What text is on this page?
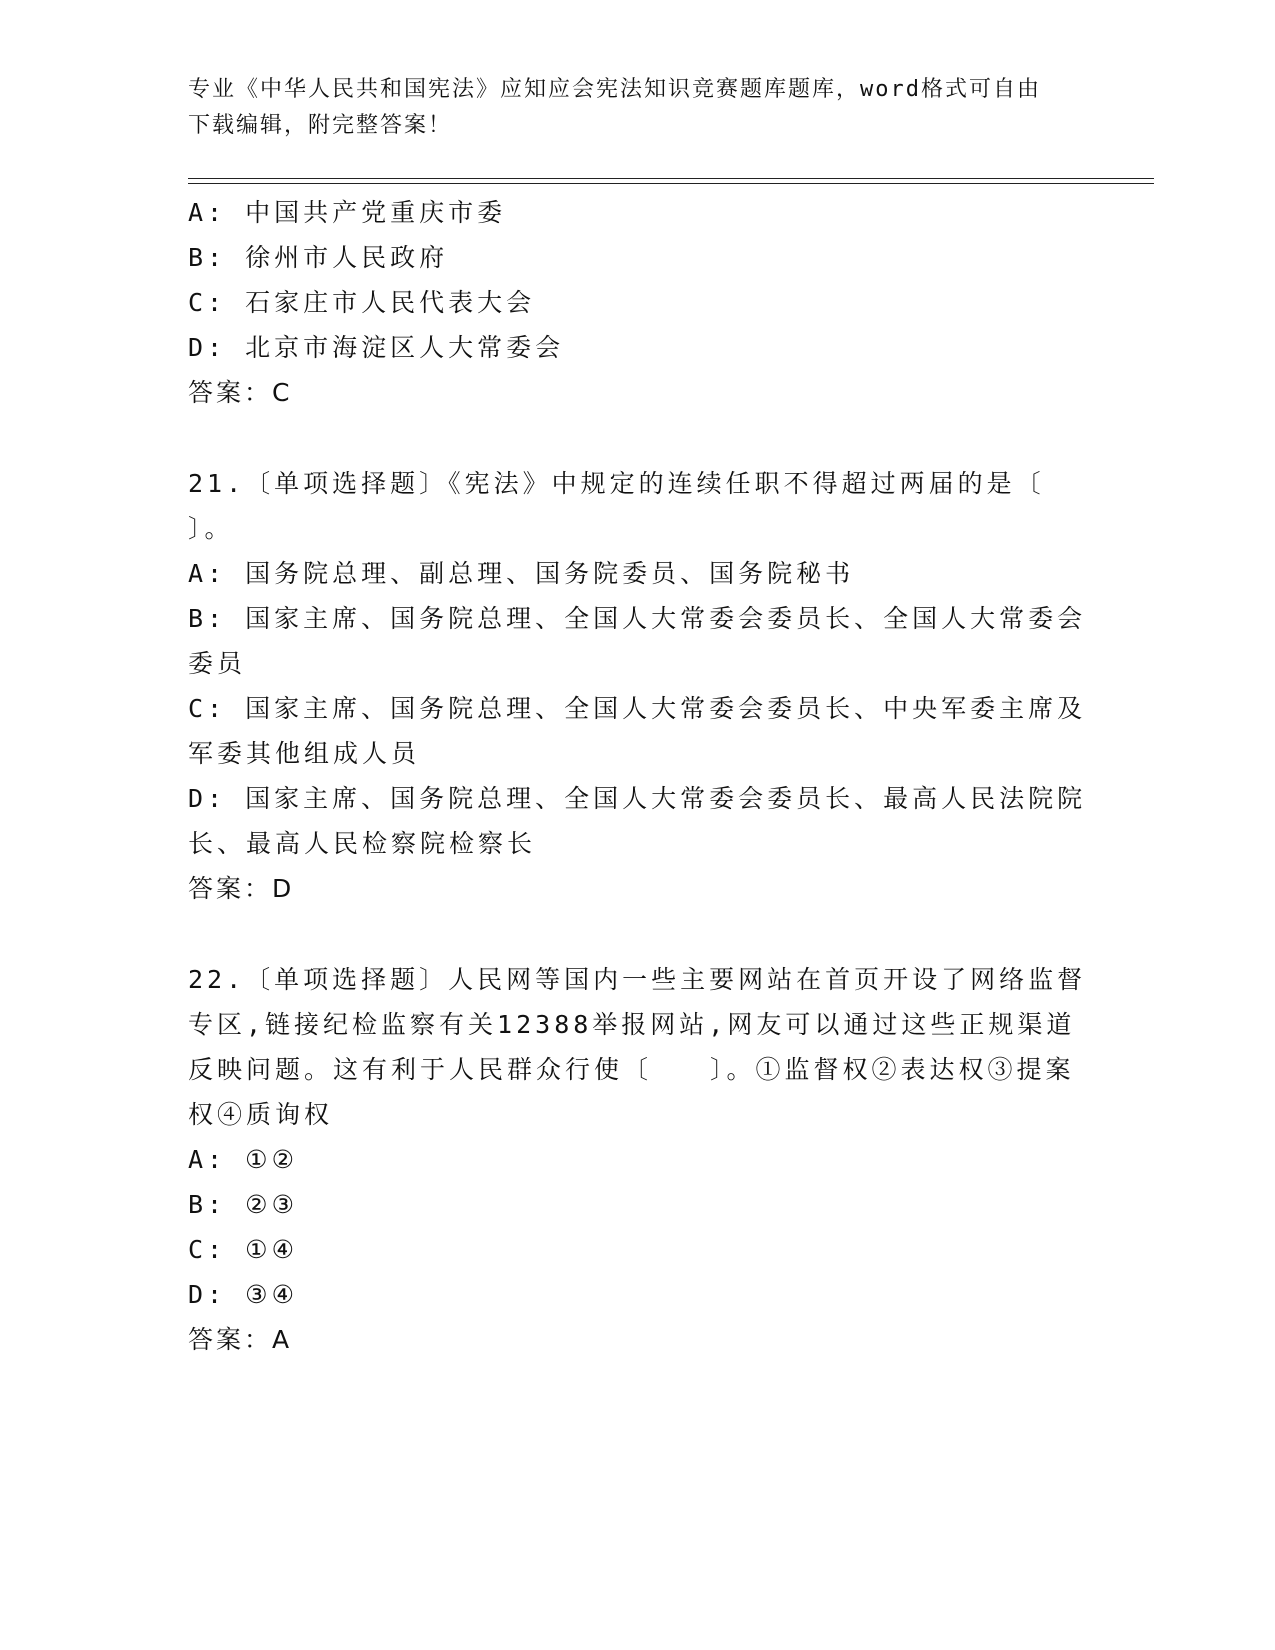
专业《中华人民共和国宪法》应知应会宪法知识竞赛题库题库，word格式可自由
下载编辑，附完整答案！
A: 中国共产党重庆市委
B: 徐州市人民政府
C: 石家庄市人民代表大会
D: 北京市海淀区人大常委会
答案：C
21.〔单项选择题〕《宪法》中规定的连续任职不得超过两届的是〔
〕。
A: 国务院总理、副总理、国务院委员、国务院秘书
B: 国家主席、国务院总理、全国人大常委会委员长、全国人大常委会
委员
C: 国家主席、国务院总理、全国人大常委会委员长、中央军委主席及
军委其他组成人员
D: 国家主席、国务院总理、全国人大常委会委员长、最高人民法院院
长、最高人民检察院检察长
答案：D
22.〔单项选择题〕人民网等国内一些主要网站在首页开设了网络监督
专区,链接纪检监察有关12388举报网站,网友可以通过这些正规渠道
反映问题。这有利于人民群众行使〔　　〕。①监督权②表达权③提案
权④质询权
A: ①②
B: ②③
C: ①④
D: ③④
答案：A
